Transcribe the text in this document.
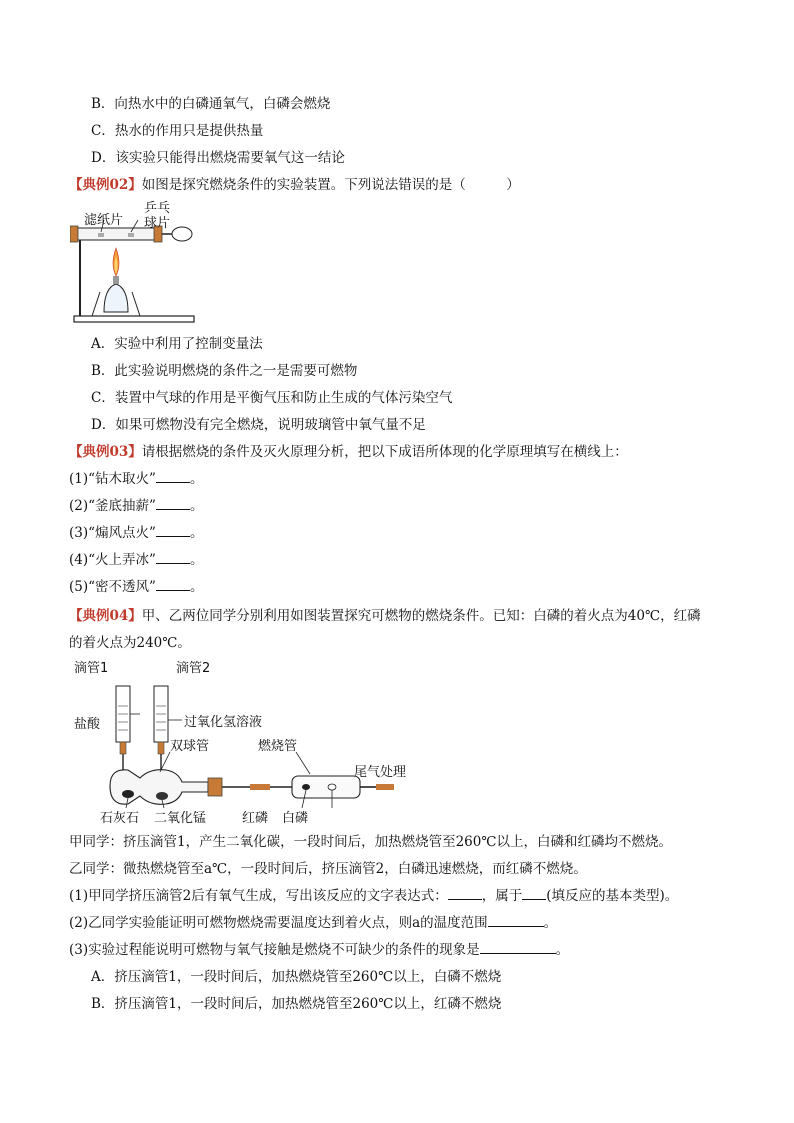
B．向热水中的白磷通氧气，白磷会燃烧
C．热水的作用只是提供热量
D．该实验只能得出燃烧需要氧气这一结论
【典例02】如图是探究燃烧条件的实验装置。下列说法错误的是（　　　）
滤纸片
乒乓
球片
A．实验中利用了控制变量法
B．此实验说明燃烧的条件之一是需要可燃物
C．装置中气球的作用是平衡气压和防止生成的气体污染空气
D．如果可燃物没有完全燃烧，说明玻璃管中氧气量不足
【典例03】请根据燃烧的条件及灭火原理分析，把以下成语所体现的化学原理填写在横线上：
(1)“钻木取火”	。
(2)“釜底抽薪”	。
(3)“煽风点火”	。
(4)“火上弄冰”	。
(5)“密不透风”	。
【典例04】甲、乙两位同学分别利用如图装置探究可燃物的燃烧条件。已知：白磷的着火点为40℃，红磷
的着火点为240℃。
滴管1	滴管2
盐酸	过氧化氢溶液
双球管	燃烧管
尾气处理
石灰石 二氧化锰	红磷 白磷
甲同学：挤压滴管1，产生二氧化碳，一段时间后，加热燃烧管至260℃以上，白磷和红磷均不燃烧。
乙同学：微热燃烧管至a℃，一段时间后，挤压滴管2，白磷迅速燃烧，而红磷不燃烧。
(1)甲同学挤压滴管2后有氧气生成，写出该反应的文字表达式：	，属于 (填反应的基本类型)。
(2)乙同学实验能证明可燃物燃烧需要温度达到着火点，则a的温度范围	。
(3)实验过程能说明可燃物与氧气接触是燃烧不可缺少的条件的现象是	。
A．挤压滴管1，一段时间后，加热燃烧管至260℃以上，白磷不燃烧
B．挤压滴管1，一段时间后，加热燃烧管至260℃以上，红磷不燃烧
